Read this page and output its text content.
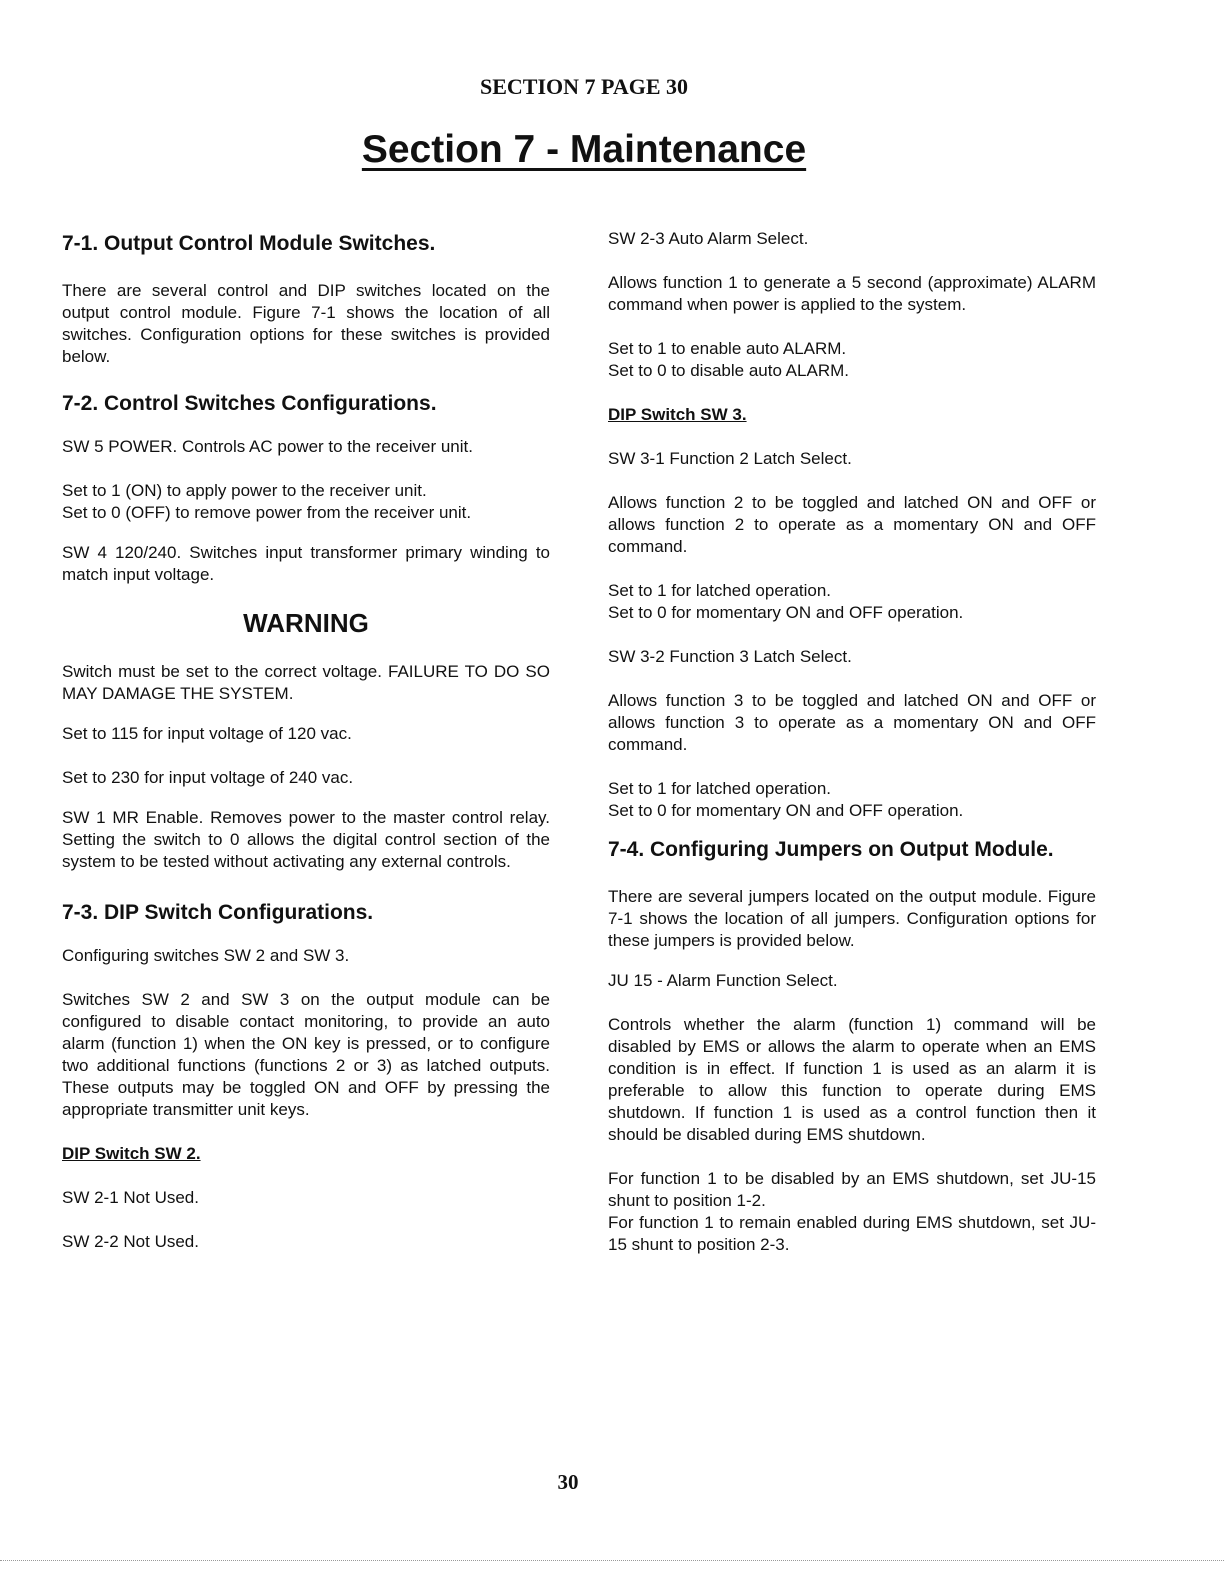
SECTION 7 PAGE 30
Section 7 - Maintenance
7-1. Output Control Module Switches.

There are several control and DIP switches located on the output control module. Figure 7-1 shows the location of all switches. Configuration options for these switches is provided below.

7-2. Control Switches Configurations.

SW 5 POWER. Controls AC power to the receiver unit.

Set to 1 (ON) to apply power to the receiver unit.

Set to 0 (OFF) to remove power from the receiver unit.

SW 4 120/240. Switches input transformer primary winding to match input voltage.

WARNING

Switch must be set to the correct voltage. FAILURE TO DO SO MAY DAMAGE THE SYSTEM.

Set to 115 for input voltage of 120 vac.

Set to 230 for input voltage of 240 vac.

SW 1 MR Enable. Removes power to the master control relay. Setting the switch to 0 allows the digital control section of the system to be tested without activating any external controls.

7-3. DIP Switch Configurations.

Configuring switches SW 2 and SW 3.

Switches SW 2 and SW 3 on the output module can be configured to disable contact monitoring, to provide an auto alarm (function 1) when the ON key is pressed, or to configure two additional functions (functions 2 or 3) as latched outputs. These outputs may be toggled ON and OFF by pressing the appropriate transmitter unit keys.

DIP Switch SW 2.

SW 2-1 Not Used.

SW 2-2 Not Used.

SW 2-3 Auto Alarm Select.

Allows function 1 to generate a 5 second (approximate) ALARM command when power is applied to the system.

Set to 1 to enable auto ALARM.

Set to 0 to disable auto ALARM.

DIP Switch SW 3.

SW 3-1 Function 2 Latch Select.

Allows function 2 to be toggled and latched ON and OFF or allows function 2 to operate as a momentary ON and OFF command.

Set to 1 for latched operation.

Set to 0 for momentary ON and OFF operation.

SW 3-2 Function 3 Latch Select.

Allows function 3 to be toggled and latched ON and OFF or allows function 3 to operate as a momentary ON and OFF command.

Set to 1 for latched operation.

Set to 0 for momentary ON and OFF operation.

7-4. Configuring Jumpers on Output Module.

There are several jumpers located on the output module. Figure 7-1 shows the location of all jumpers. Configuration options for these jumpers is provided below.

JU 15 - Alarm Function Select.

Controls whether the alarm (function 1) command will be disabled by EMS or allows the alarm to operate when an EMS condition is in effect. If function 1 is used as an alarm it is preferable to allow this function to operate during EMS shutdown. If function 1 is used as a control function then it should be disabled during EMS shutdown.

For function 1 to be disabled by an EMS shutdown, set JU-15 shunt to position 1-2.

For function 1 to remain enabled during EMS shutdown, set JU-15 shunt to position 2-3.

30
